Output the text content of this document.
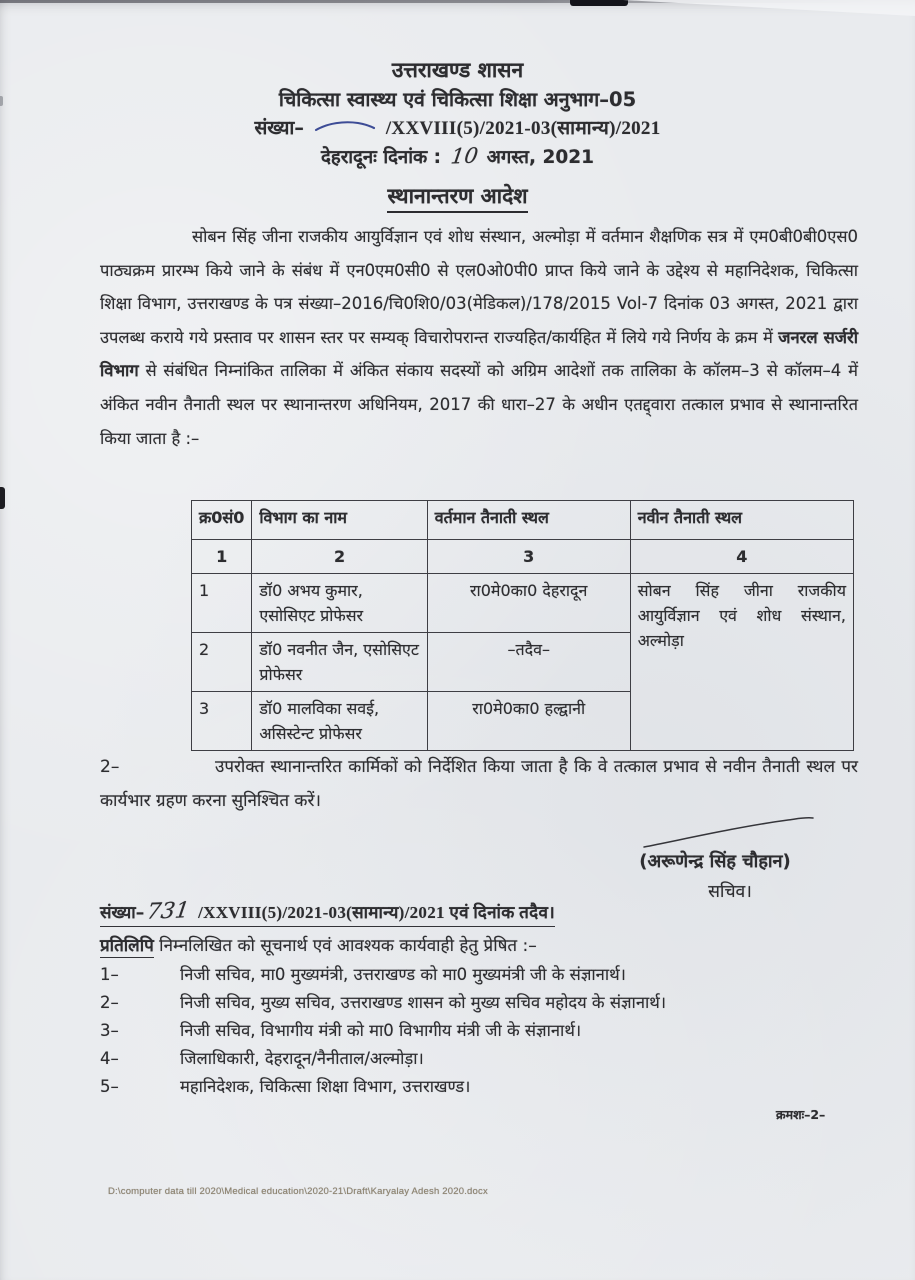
उत्तराखण्ड शासन
चिकित्सा स्वास्थ्य एवं चिकित्सा शिक्षा अनुभाग–05
संख्या–	/XXVIII(5)/2021-03(सामान्य)/2021
देहरादूनः दिनांक : 10 अगस्त, 2021
स्थानान्तरण आदेश

सोबन सिंह जीना राजकीय आयुर्विज्ञान एवं शोध संस्थान, अल्मोड़ा में वर्तमान शैक्षणिक सत्र में एम0बी0बी0एस0 पाठ्यक्रम प्रारम्भ किये जाने के संबंध में एन0एम0सी0 से एल0ओ0पी0 प्राप्त किये जाने के उद्देश्य से महानिदेशक, चिकित्सा शिक्षा विभाग, उत्तराखण्ड के पत्र संख्या–2016/चि0शि0/03(मेडिकल)/178/2015 Vol-7 दिनांक 03 अगस्त, 2021 द्वारा उपलब्ध कराये गये प्रस्ताव पर शासन स्तर पर सम्यक् विचारोपरान्त राज्यहित/कार्यहित में लिये गये निर्णय के क्रम में जनरल सर्जरी विभाग से संबंधित निम्नांकित तालिका में अंकित संकाय सदस्यों को अग्रिम आदेशों तक तालिका के कॉलम–3 से कॉलम–4 में अंकित नवीन तैनाती स्थल पर स्थानान्तरण अधिनियम, 2017 की धारा–27 के अधीन एतद्द्वारा तत्काल प्रभाव से स्थानान्तरित किया जाता है :–

क्र0सं0	विभाग का नाम	वर्तमान तैनाती स्थल	नवीन तैनाती स्थल
1	2	3	4
1	डॉ0 अभय कुमार, एसोसिएट प्रोफेसर	रा0मे0का0 देहरादून	सोबन सिंह जीना राजकीय आयुर्विज्ञान एवं शोध संस्थान, अल्मोड़ा
2	डॉ0 नवनीत जैन, एसोसिएट प्रोफेसर	–तदैव–	
3	डॉ0 मालविका सवई, असिस्टेन्ट प्रोफेसर	रा0मे0का0 हल्द्वानी	
2–	उपरोक्त स्थानान्तरित कार्मिकों को निर्देशित किया जाता है कि वे तत्काल प्रभाव से नवीन तैनाती स्थल पर कार्यभार ग्रहण करना सुनिश्चित करें।

(अरूणेन्द्र सिंह चौहान)
सचिव।
संख्या–731 /XXVIII(5)/2021-03(सामान्य)/2021 एवं दिनांक तदैव।
प्रतिलिपि निम्नलिखित को सूचनार्थ एवं आवश्यक कार्यवाही हेतु प्रेषित :–
1–	निजी सचिव, मा0 मुख्यमंत्री, उत्तराखण्ड को मा0 मुख्यमंत्री जी के संज्ञानार्थ।
2–	निजी सचिव, मुख्य सचिव, उत्तराखण्ड शासन को मुख्य सचिव महोदय के संज्ञानार्थ।
3–	निजी सचिव, विभागीय मंत्री को मा0 विभागीय मंत्री जी के संज्ञानार्थ।
4–	जिलाधिकारी, देहरादून/नैनीताल/अल्मोड़ा।
5–	महानिदेशक, चिकित्सा शिक्षा विभाग, उत्तराखण्ड।
क्रमशः–2–
D:\computer data till 2020\Medical education\2020-21\Draft\Karyalay Adesh 2020.docx
